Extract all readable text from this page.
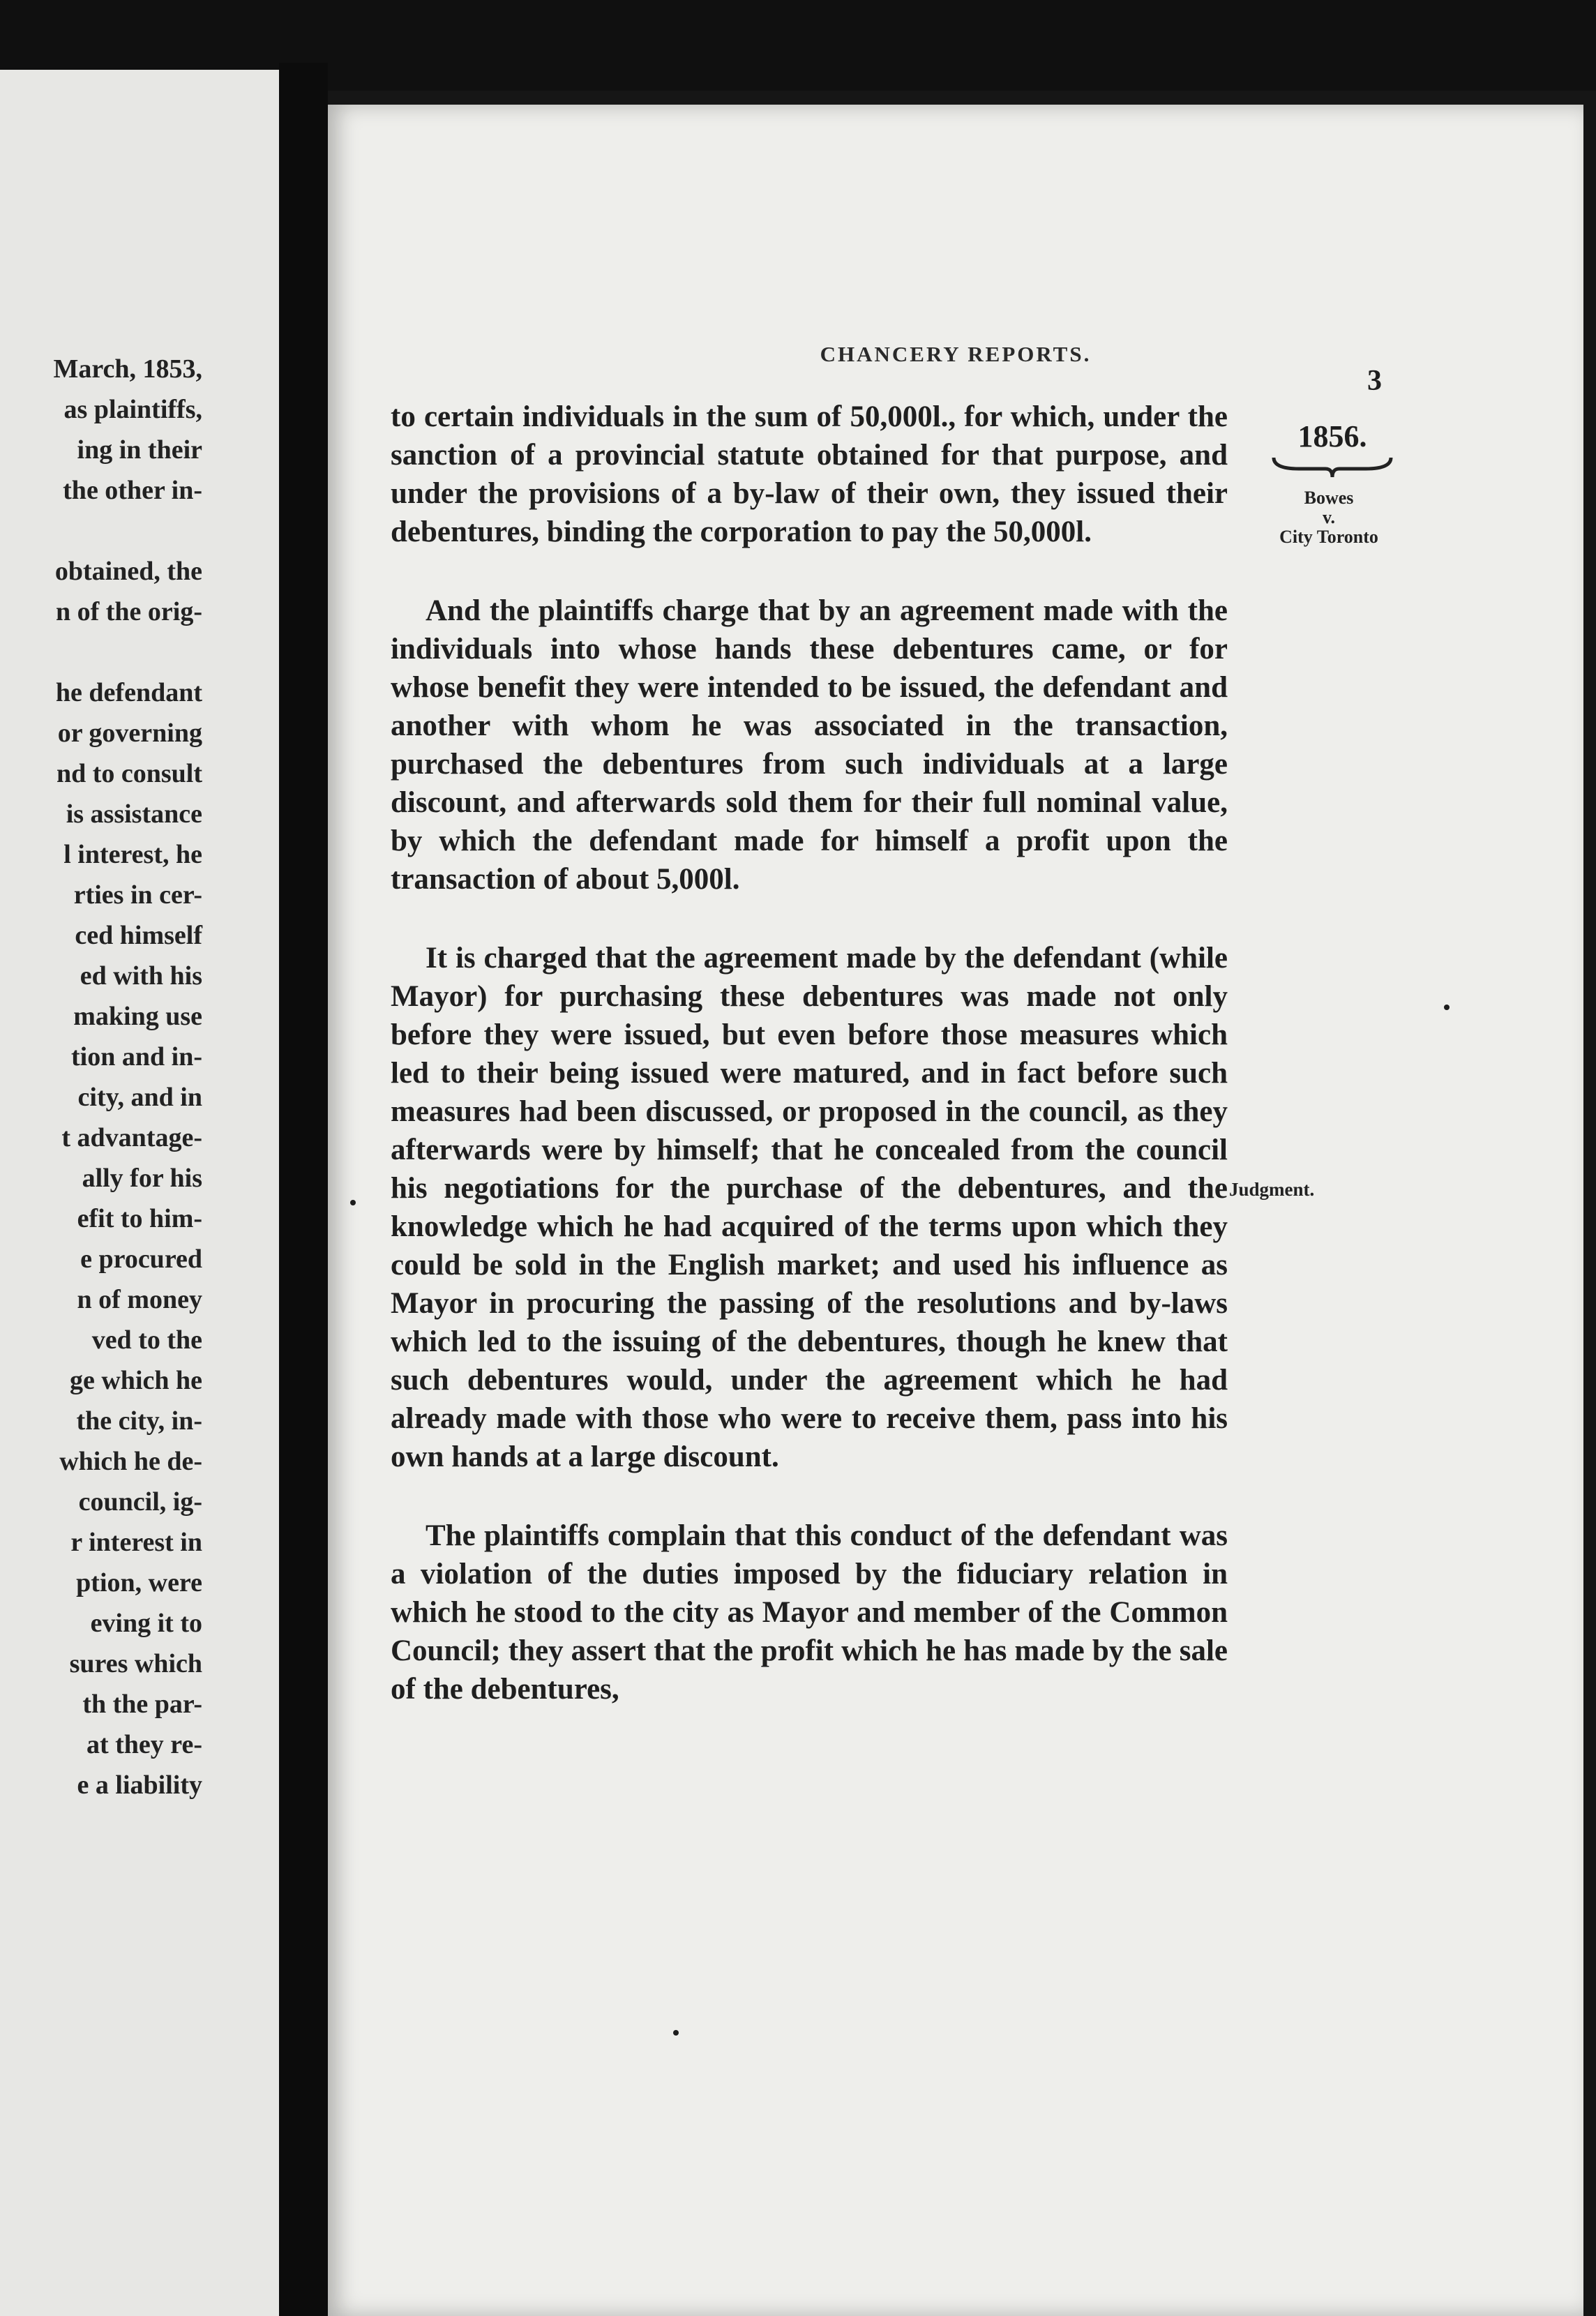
March, 1853,
as plaintiffs,
ing in their
the other in-

obtained, the
n of the orig-

he defendant
or governing
nd to consult
is assistance
l interest, he
rties in cer-
ced himself
ed with his
making use
tion and in-
city, and in
t advantage-
ally for his
efit to him-
e procured
n of money
ved to the
ge which he
the city, in-
which he de-
council, ig-
r interest in
ption, were
eving it to
sures which
th the par-
at they re-
e a liability
CHANCERY REPORTS.
3
1856.
Bowes
v.
City Toronto
Judgment.

to certain individuals in the sum of 50,000l., for which, under the sanction of a provincial statute obtained for that purpose, and under the provisions of a by-law of their own, they issued their debentures, binding the corporation to pay the 50,000l.

And the plaintiffs charge that by an agreement made with the individuals into whose hands these debentures came, or for whose benefit they were intended to be issued, the defendant and another with whom he was associated in the transaction, purchased the debentures from such individuals at a large discount, and afterwards sold them for their full nominal value, by which the defendant made for himself a profit upon the transaction of about 5,000l.

It is charged that the agreement made by the defendant (while Mayor) for purchasing these debentures was made not only before they were issued, but even before those measures which led to their being issued were matured, and in fact before such measures had been discussed, or proposed in the council, as they afterwards were by himself; that he concealed from the council his negotiations for the purchase of the debentures, and the knowledge which he had acquired of the terms upon which they could be sold in the English market; and used his influence as Mayor in procuring the passing of the resolutions and by-laws which led to the issuing of the debentures, though he knew that such debentures would, under the agreement which he had already made with those who were to receive them, pass into his own hands at a large discount.

The plaintiffs complain that this conduct of the defendant was a violation of the duties imposed by the fiduciary relation in which he stood to the city as Mayor and member of the Common Council; they assert that the profit which he has made by the sale of the debentures,
